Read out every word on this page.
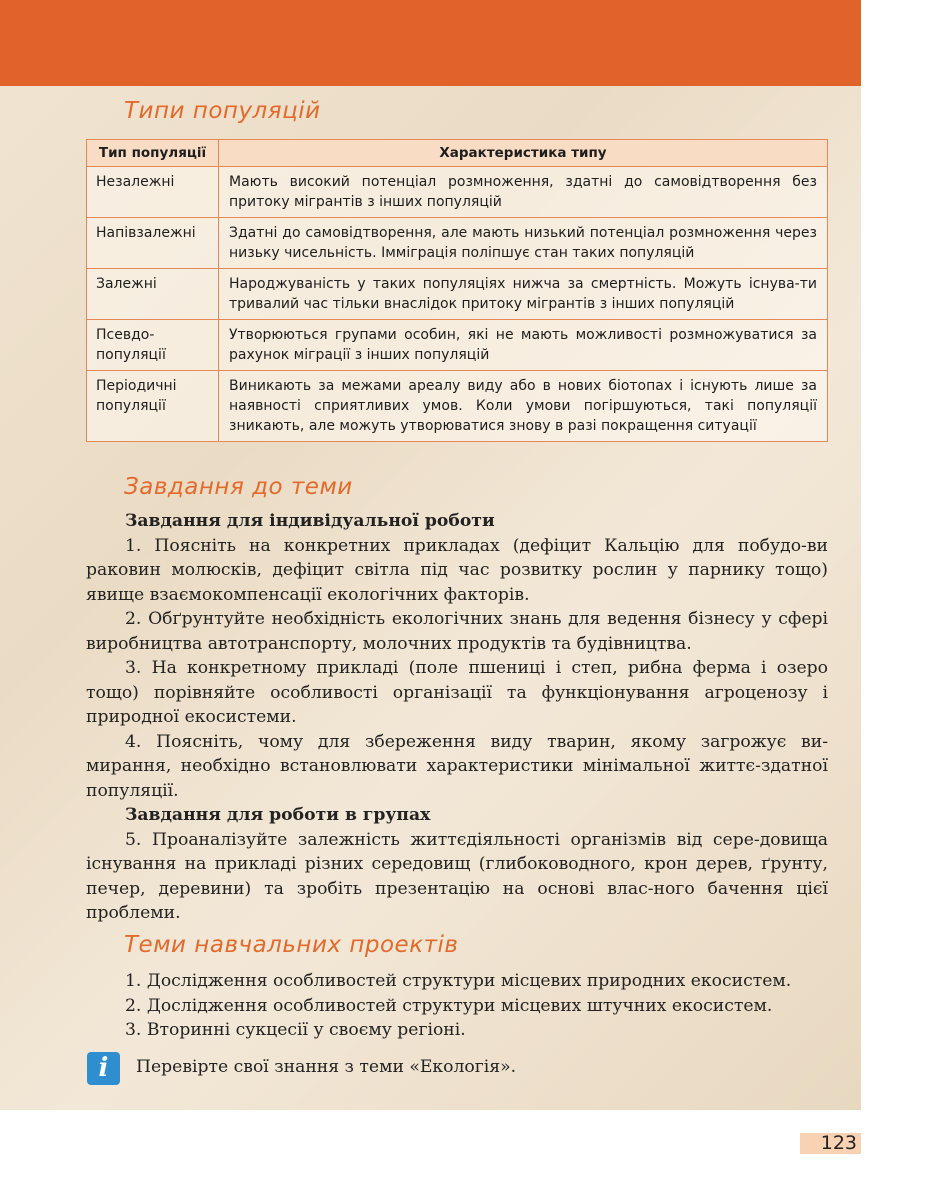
Типи популяцій
Тип популяції	Характеристика типу
Незалежні	Мають високий потенціал розмноження, здатні до самовідтворення без притоку мігрантів з інших популяцій
Напівзалежні	Здатні до самовідтворення, але мають низький потенціал розмноження через низьку чисельність. Імміграція поліпшує стан таких популяцій
Залежні	Народжуваність у таких популяціях нижча за смертність. Можуть існува-ти тривалий час тільки внаслідок притоку мігрантів з інших популяцій
Псевдо-популяції	Утворюються групами особин, які не мають можливості розмножуватися за рахунок міграції з інших популяцій
Періодичні популяції	Виникають за межами ареалу виду або в нових біотопах і існують лише за наявності сприятливих умов. Коли умови погіршуються, такі популяції зникають, але можуть утворюватися знову в разі покращення ситуації
Завдання до теми

Завдання для індивідуальної роботи

1. Поясніть на конкретних прикладах (дефіцит Кальцію для побудо-ви раковин молюсків, дефіцит світла під час розвитку рослин у парнику тощо) явище взаємокомпенсації екологічних факторів.

2. Обґрунтуйте необхідність екологічних знань для ведення бізнесу у сфері виробництва автотранспорту, молочних продуктів та будівництва.

3. На конкретному прикладі (поле пшениці і степ, рибна ферма і озеро тощо) порівняйте особливості організації та функціонування агроценозу і природної екосистеми.

4. Поясніть, чому для збереження виду тварин, якому загрожує ви-мирання, необхідно встановлювати характеристики мінімальної життє-здатної популяції.

Завдання для роботи в групах

5. Проаналізуйте залежність життєдіяльності організмів від сере-довища існування на прикладі різних середовищ (глибоководного, крон дерев, ґрунту, печер, деревини) та зробіть презентацію на основі влас-ного бачення цієї проблеми.

Теми навчальних проектів

1. Дослідження особливостей структури місцевих природних екосистем.

2. Дослідження особливостей структури місцевих штучних екосистем.

3. Вторинні сукцесії у своєму регіоні.

i	Перевірте свої знання з теми «Екологія».
123
